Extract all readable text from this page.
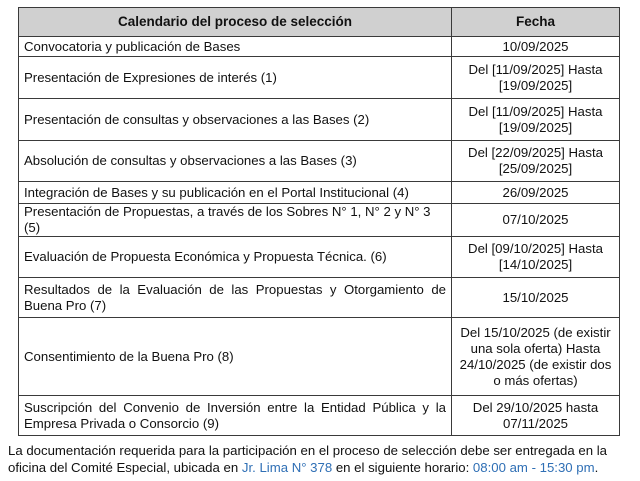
Calendario del proceso de selección	Fecha
Convocatoria y publicación de Bases	10/09/2025
Presentación de Expresiones de interés (1)	Del [11/09/2025] Hasta [19/09/2025]
Presentación de consultas y observaciones a las Bases (2)	Del [11/09/2025] Hasta [19/09/2025]
Absolución de consultas y observaciones a las Bases (3)	Del [22/09/2025] Hasta [25/09/2025]
Integración de Bases y su publicación en el Portal Institucional (4)	26/09/2025
Presentación de Propuestas, a través de los Sobres N° 1, N° 2 y N° 3 (5)	07/10/2025
Evaluación de Propuesta Económica y Propuesta Técnica. (6)	Del [09/10/2025] Hasta [14/10/2025]
Resultados de la Evaluación de las Propuestas y Otorgamiento de Buena Pro (7)	15/10/2025
Consentimiento de la Buena Pro (8)	Del 15/10/2025 (de existir una sola oferta) Hasta 24/10/2025 (de existir dos o más ofertas)
Suscripción del Convenio de Inversión entre la Entidad Pública y la Empresa Privada o Consorcio (9)	Del 29/10/2025 hasta 07/11/2025

La documentación requerida para la participación en el proceso de selección debe ser entregada en la oficina del Comité Especial, ubicada en Jr. Lima N° 378 en el siguiente horario: 08:00 am - 15:30 pm.
